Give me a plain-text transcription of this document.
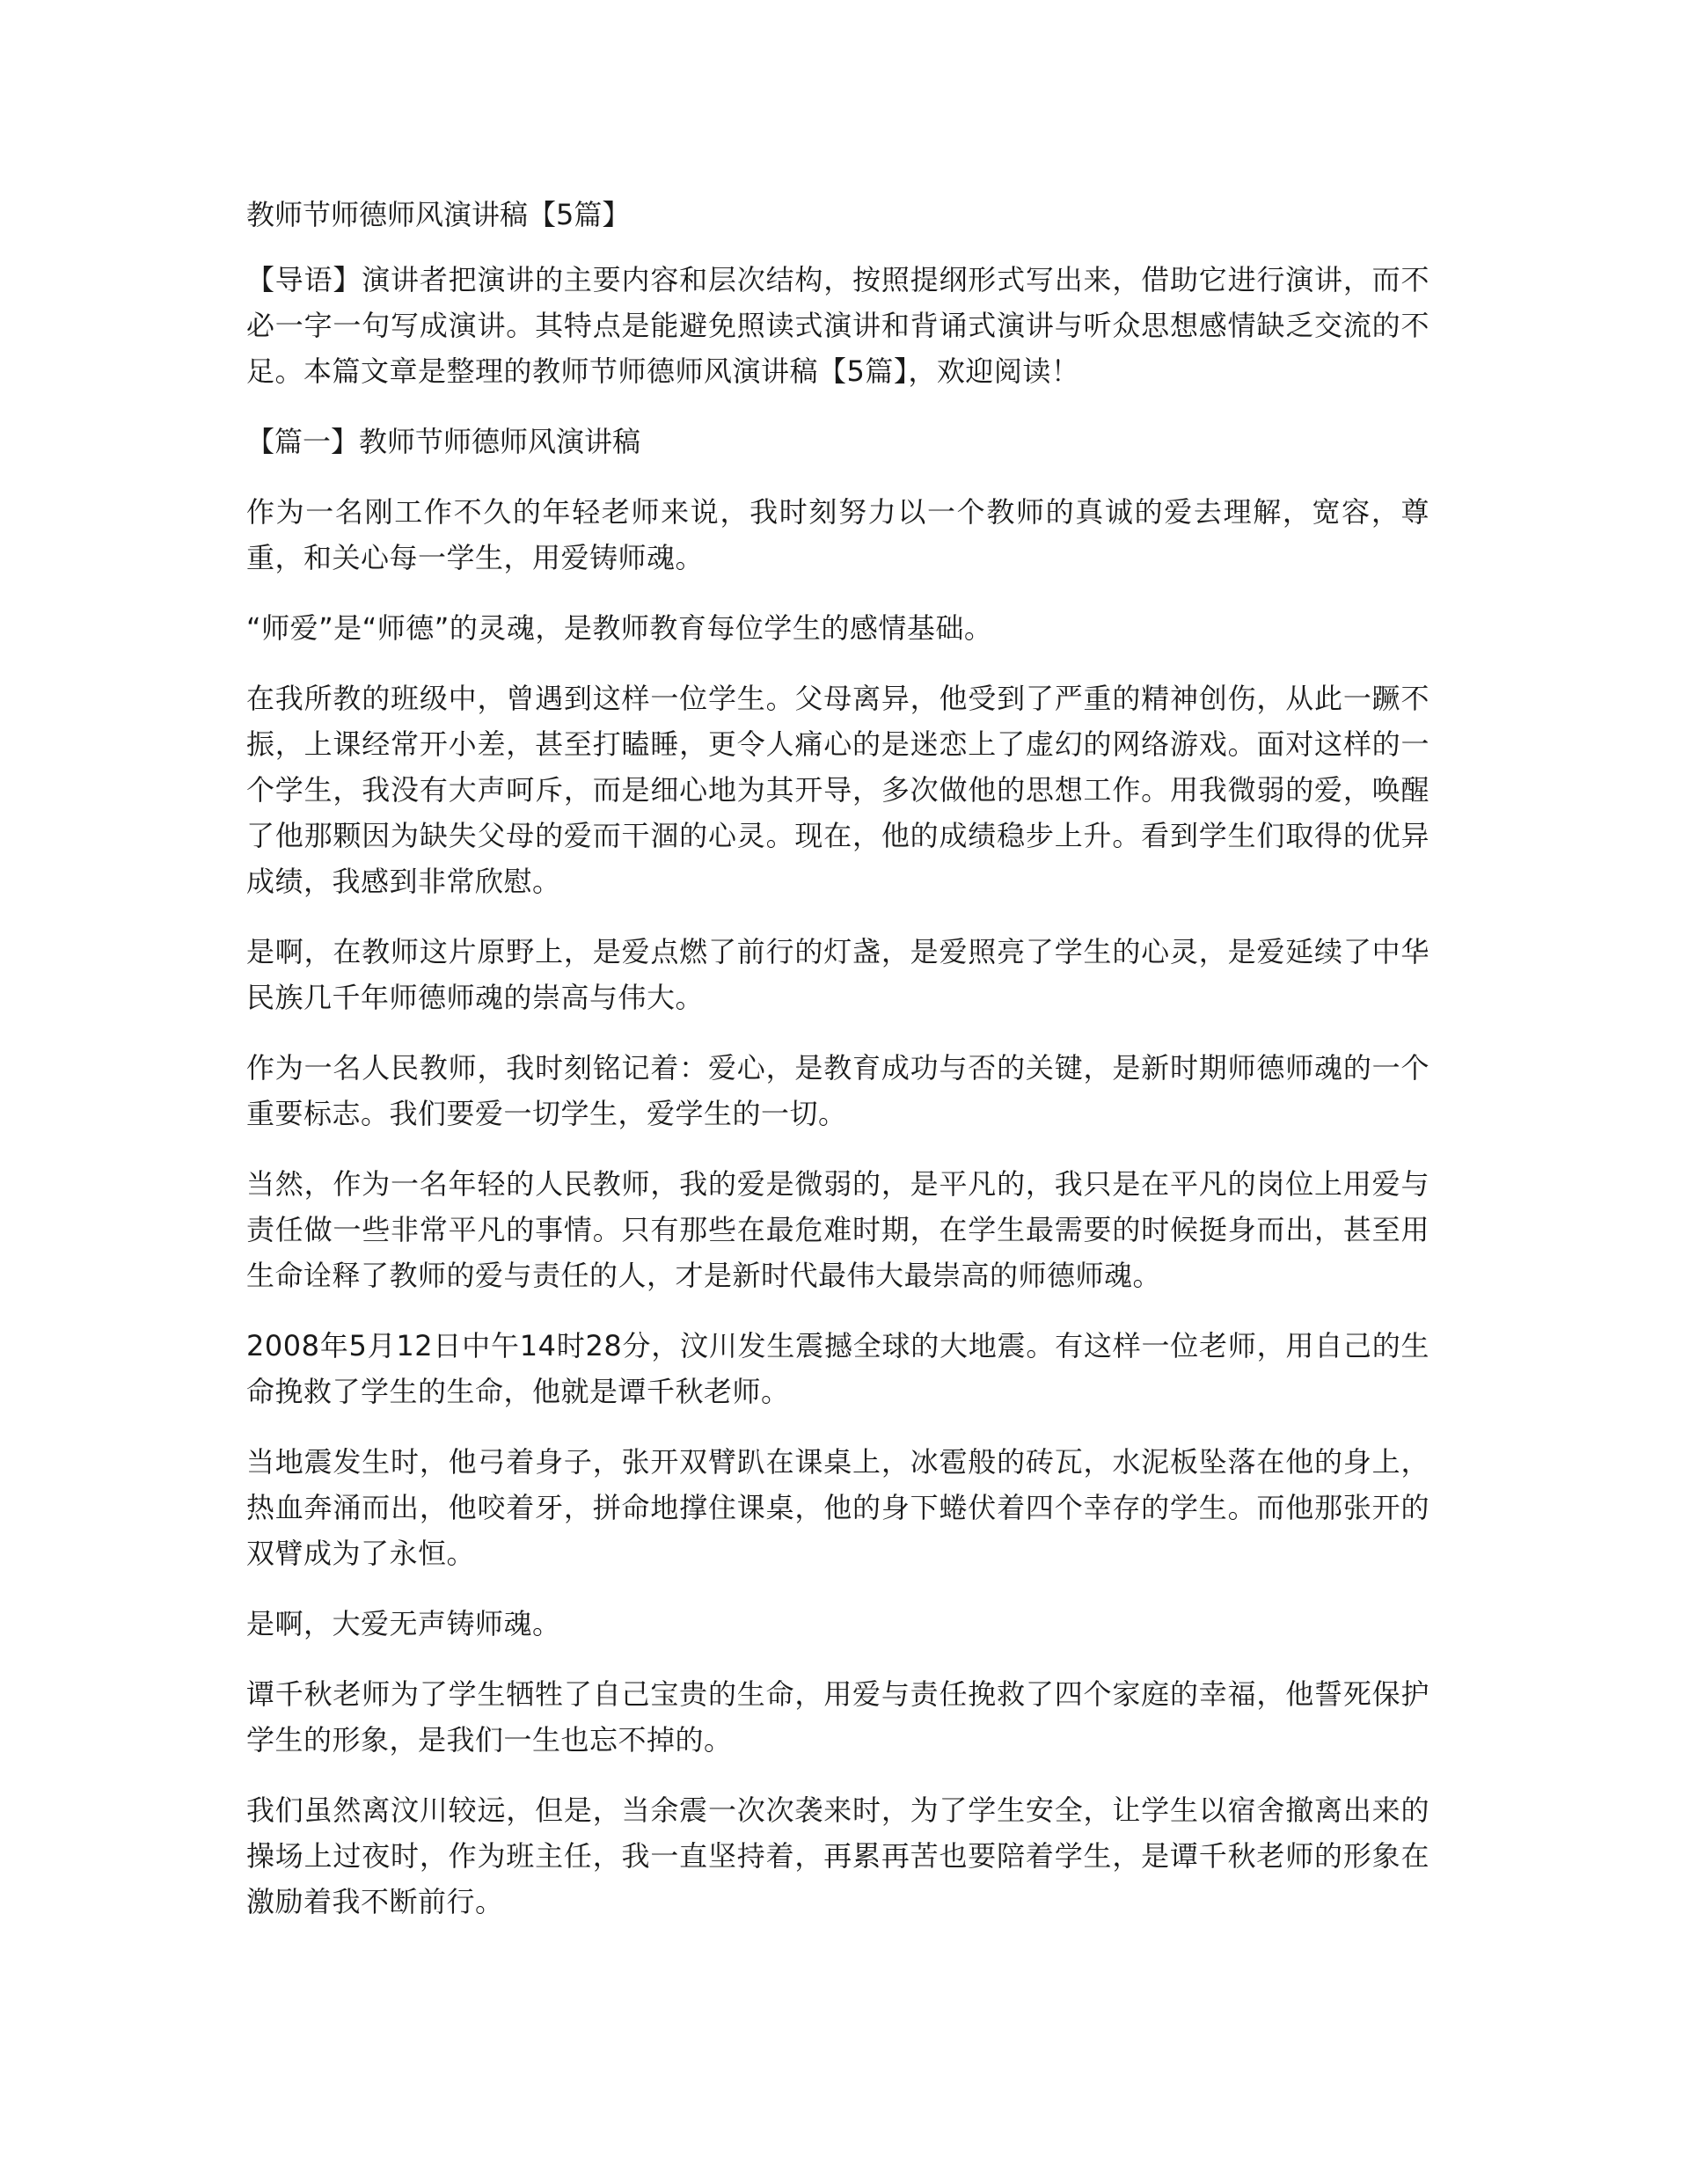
教师节师德师风演讲稿【5篇】

【导语】演讲者把演讲的主要内容和层次结构，按照提纲形式写出来，借助它进行演讲，而不必一字一句写成演讲。其特点是能避免照读式演讲和背诵式演讲与听众思想感情缺乏交流的不足。本篇文章是整理的教师节师德师风演讲稿【5篇】，欢迎阅读！

【篇一】教师节师德师风演讲稿

作为一名刚工作不久的年轻老师来说，我时刻努力以一个教师的真诚的爱去理解，宽容，尊重，和关心每一学生，用爱铸师魂。

“师爱”是“师德”的灵魂，是教师教育每位学生的感情基础。

在我所教的班级中，曾遇到这样一位学生。父母离异，他受到了严重的精神创伤，从此一蹶不振，上课经常开小差，甚至打瞌睡，更令人痛心的是迷恋上了虚幻的网络游戏。面对这样的一个学生，我没有大声呵斥，而是细心地为其开导，多次做他的思想工作。用我微弱的爱，唤醒了他那颗因为缺失父母的爱而干涸的心灵。现在，他的成绩稳步上升。看到学生们取得的优异成绩，我感到非常欣慰。

是啊，在教师这片原野上，是爱点燃了前行的灯盏，是爱照亮了学生的心灵，是爱延续了中华民族几千年师德师魂的崇高与伟大。

作为一名人民教师，我时刻铭记着：爱心，是教育成功与否的关键，是新时期师德师魂的一个重要标志。我们要爱一切学生，爱学生的一切。

当然，作为一名年轻的人民教师，我的爱是微弱的，是平凡的，我只是在平凡的岗位上用爱与责任做一些非常平凡的事情。只有那些在最危难时期，在学生最需要的时候挺身而出，甚至用生命诠释了教师的爱与责任的人，才是新时代最伟大最崇高的师德师魂。

2008年5月12日中午14时28分，汶川发生震撼全球的大地震。有这样一位老师，用自己的生命挽救了学生的生命，他就是谭千秋老师。

当地震发生时，他弓着身子，张开双臂趴在课桌上，冰雹般的砖瓦，水泥板坠落在他的身上，热血奔涌而出，他咬着牙，拼命地撑住课桌，他的身下蜷伏着四个幸存的学生。而他那张开的双臂成为了永恒。

是啊，大爱无声铸师魂。

谭千秋老师为了学生牺牲了自己宝贵的生命，用爱与责任挽救了四个家庭的幸福，他誓死保护学生的形象，是我们一生也忘不掉的。

我们虽然离汶川较远，但是，当余震一次次袭来时，为了学生安全，让学生以宿舍撤离出来的操场上过夜时，作为班主任，我一直坚持着，再累再苦也要陪着学生，是谭千秋老师的形象在激励着我不断前行。
